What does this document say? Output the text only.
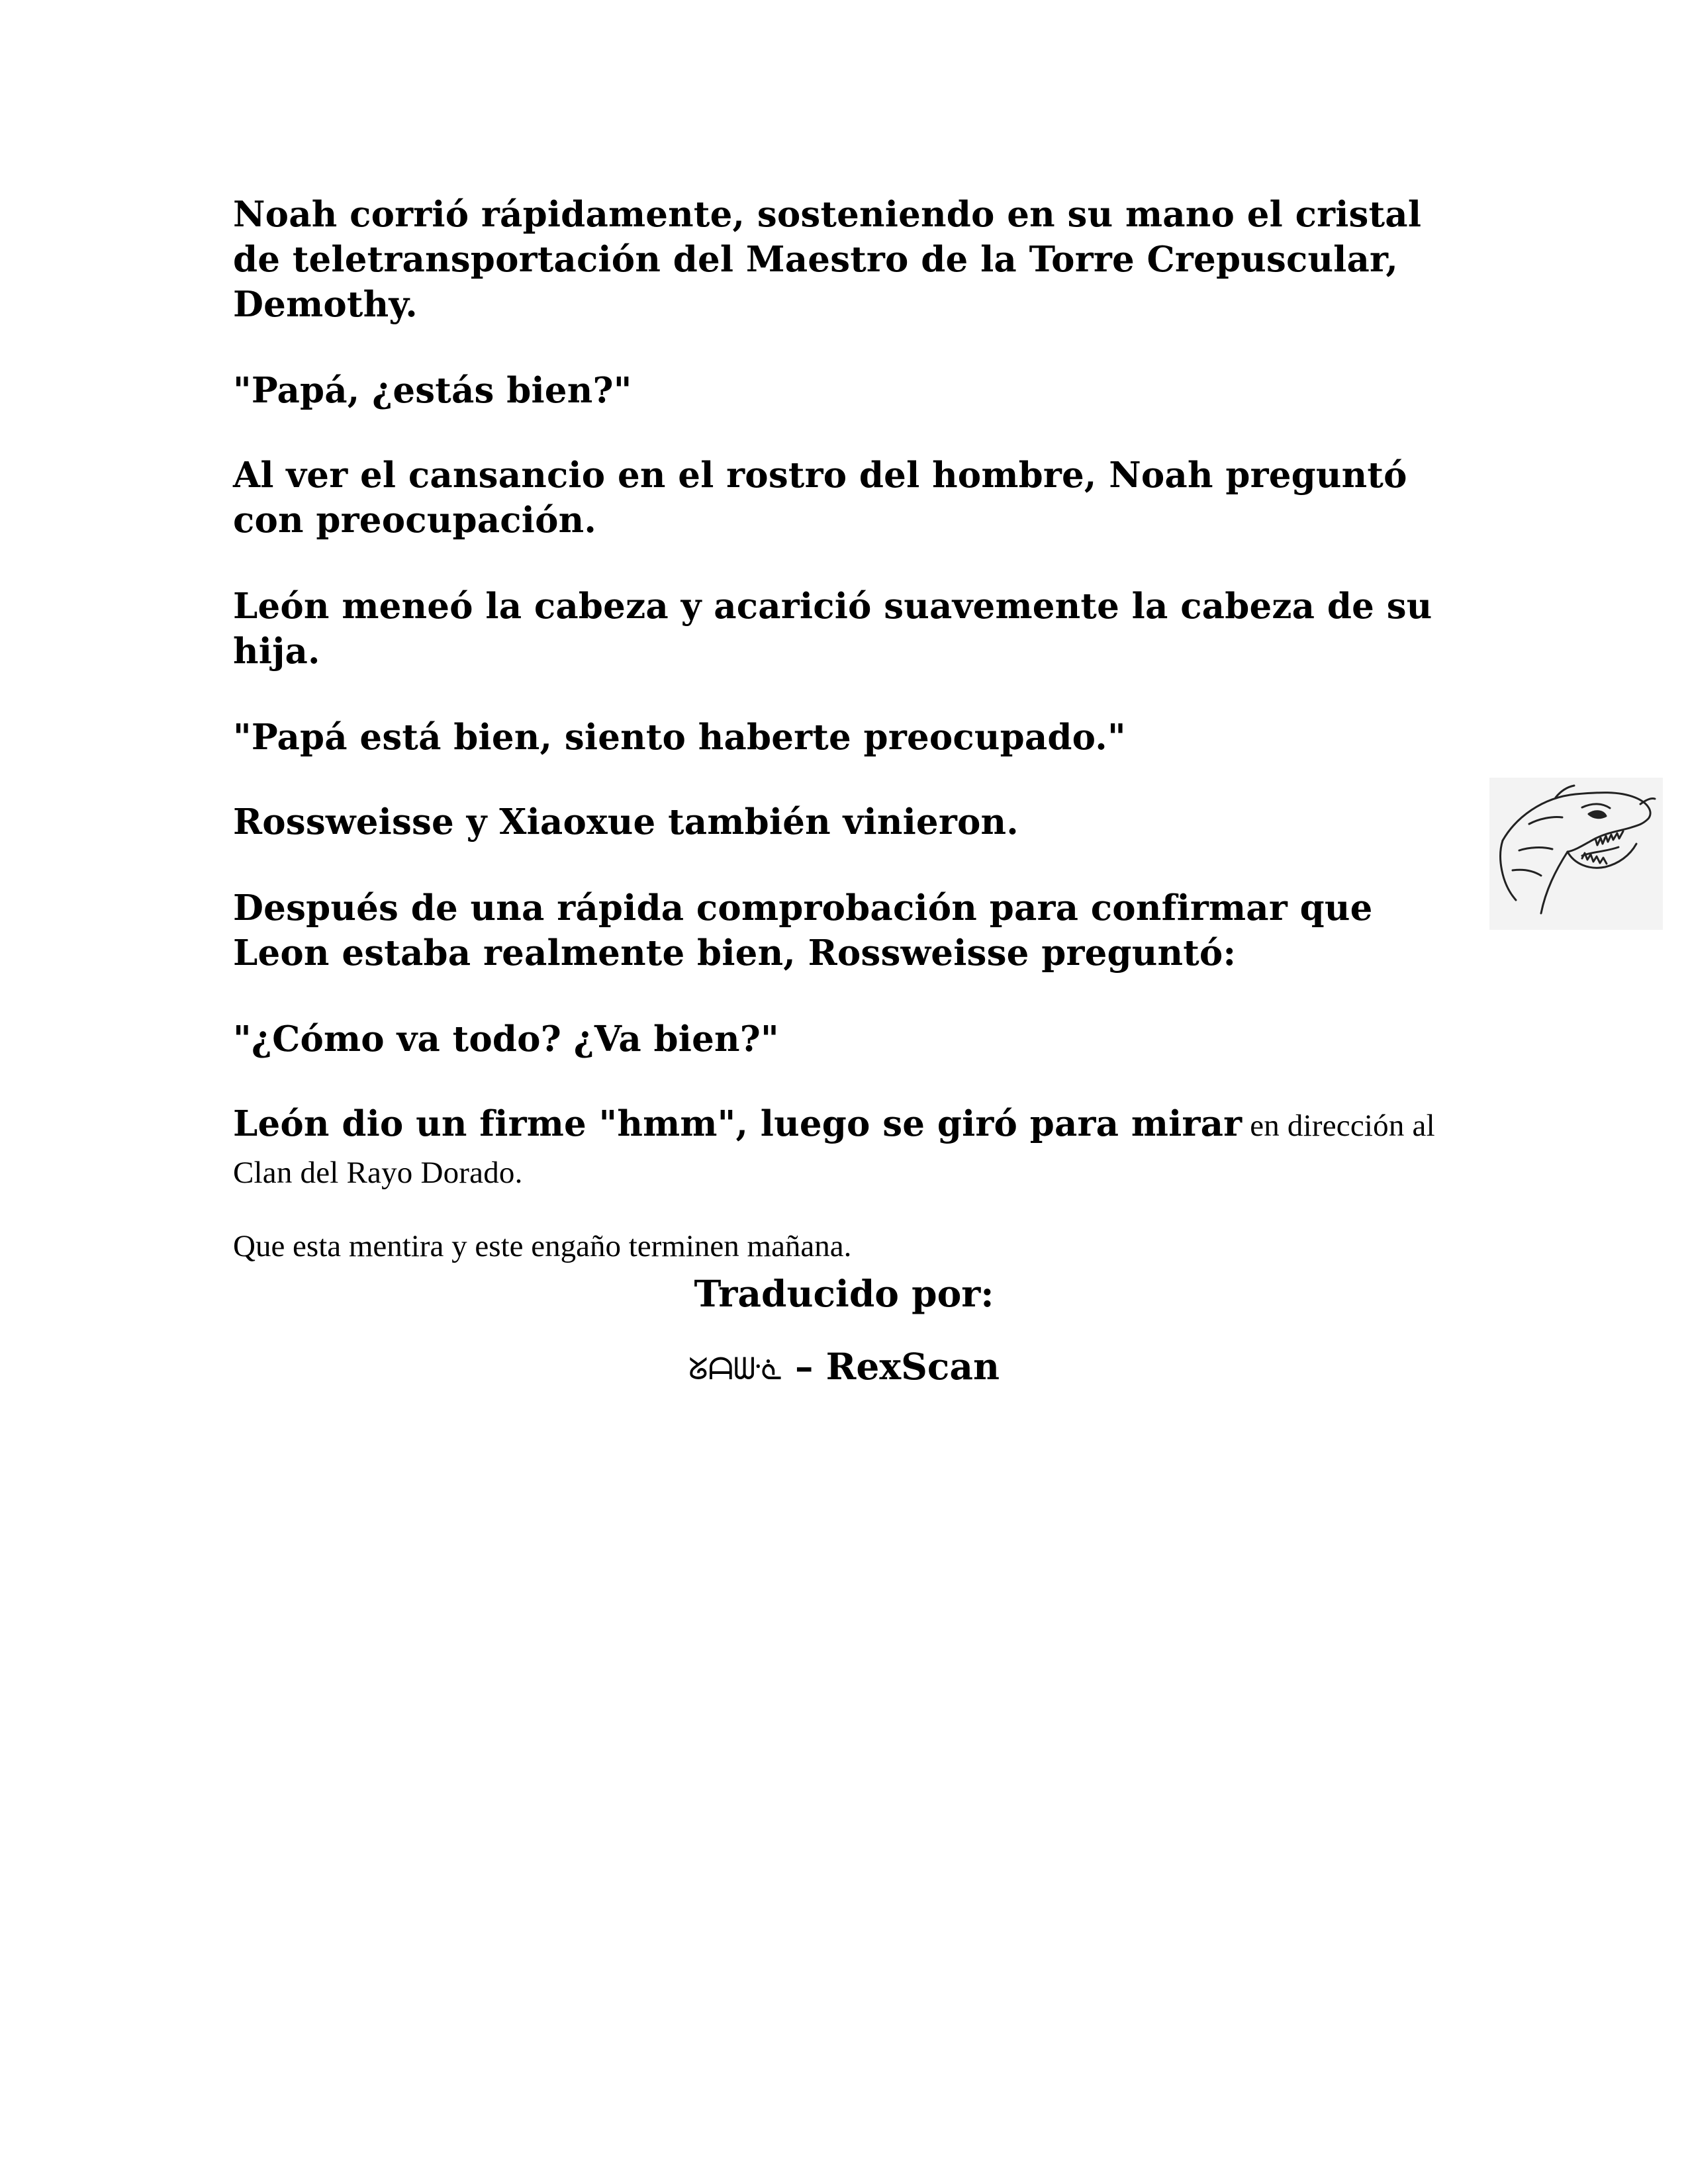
Noah corrió rápidamente, sosteniendo en su mano el cristal de teletransportación del Maestro de la Torre Crepuscular, Demothy.

"Papá, ¿estás bien?"

Al ver el cansancio en el rostro del hombre, Noah preguntó con preocupación.

León meneó la cabeza y acarició suavemente la cabeza de su hija.

"Papá está bien, siento haberte preocupado."

Rossweisse y Xiaoxue también vinieron.

Después de una rápida comprobación para confirmar que Leon estaba realmente bien, Rossweisse preguntó:

"¿Cómo va todo? ¿Va bien?"

León dio un firme "hmm", luego se giró para mirar en dirección al Clan del Rayo Dorado.

Que esta mentira y este engaño terminen mañana.

Traducido por:
ᘜᗩᗯᓍ – RexScan
